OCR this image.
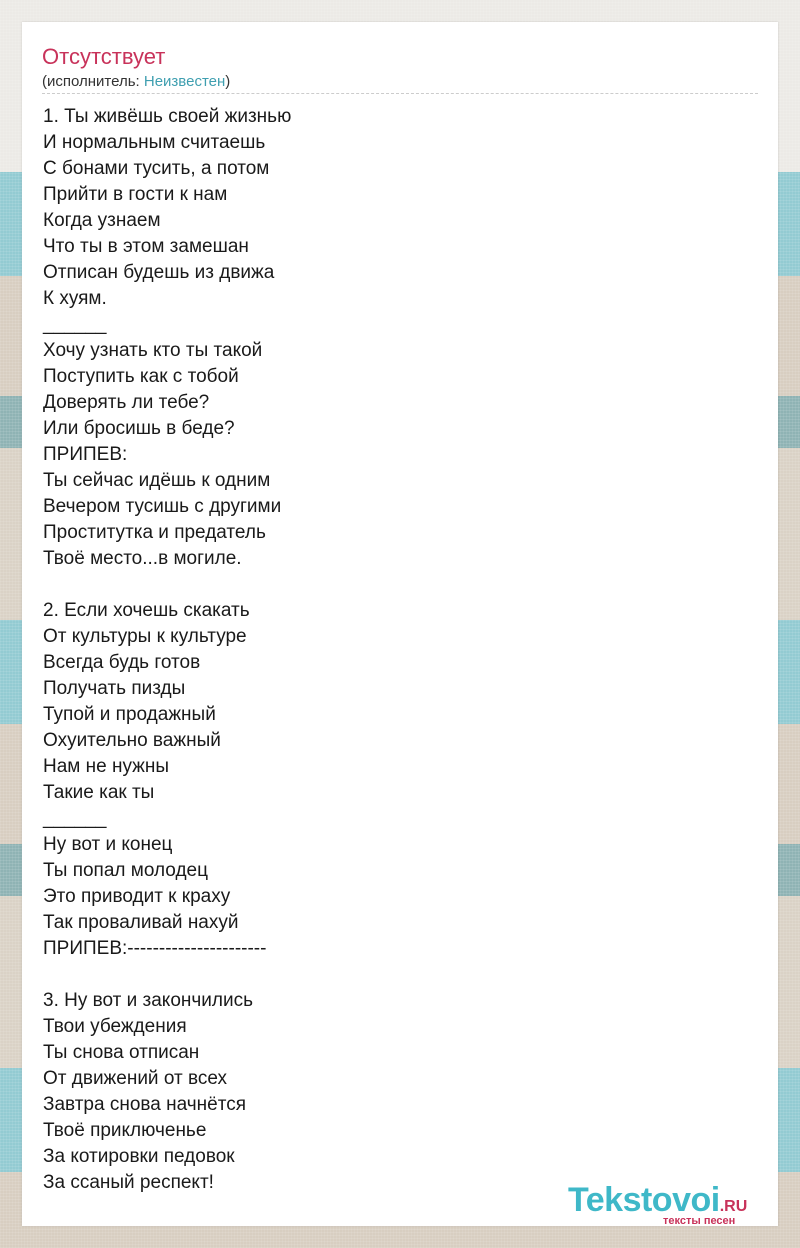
Отсутствует
(исполнитель: Неизвестен)
1. Ты живёшь своей жизнью
И нормальным считаешь
С бонами тусить, а потом
Прийти в гости к нам
Когда узнаем
Что ты в этом замешан
Отписан будешь из движа
К хуям.
______
Хочу узнать кто ты такой
Поступить как с тобой
Доверять ли тебе?
Или бросишь в беде?
ПРИПЕВ:
Ты сейчас идёшь к одним
Вечером тусишь с другими
Проститутка и предатель
Твоё место...в могиле.
2. Если хочешь скакать
От культуры к культуре
Всегда будь готов
Получать пизды
Тупой и продажный
Охуительно важный
Нам не нужны
Такие как ты
______
Ну вот и конец
Ты попал молодец
Это приводит к краху
Так проваливай нахуй
ПРИПЕВ:----------------------
3. Ну вот и закончились
Твои убеждения
Ты снова отписан
От движений от всех
Завтра снова начнётся
Твоё приключенье
За котировки педовок
За ссаный респект!	Tekstovoi.RU
тексты песен
